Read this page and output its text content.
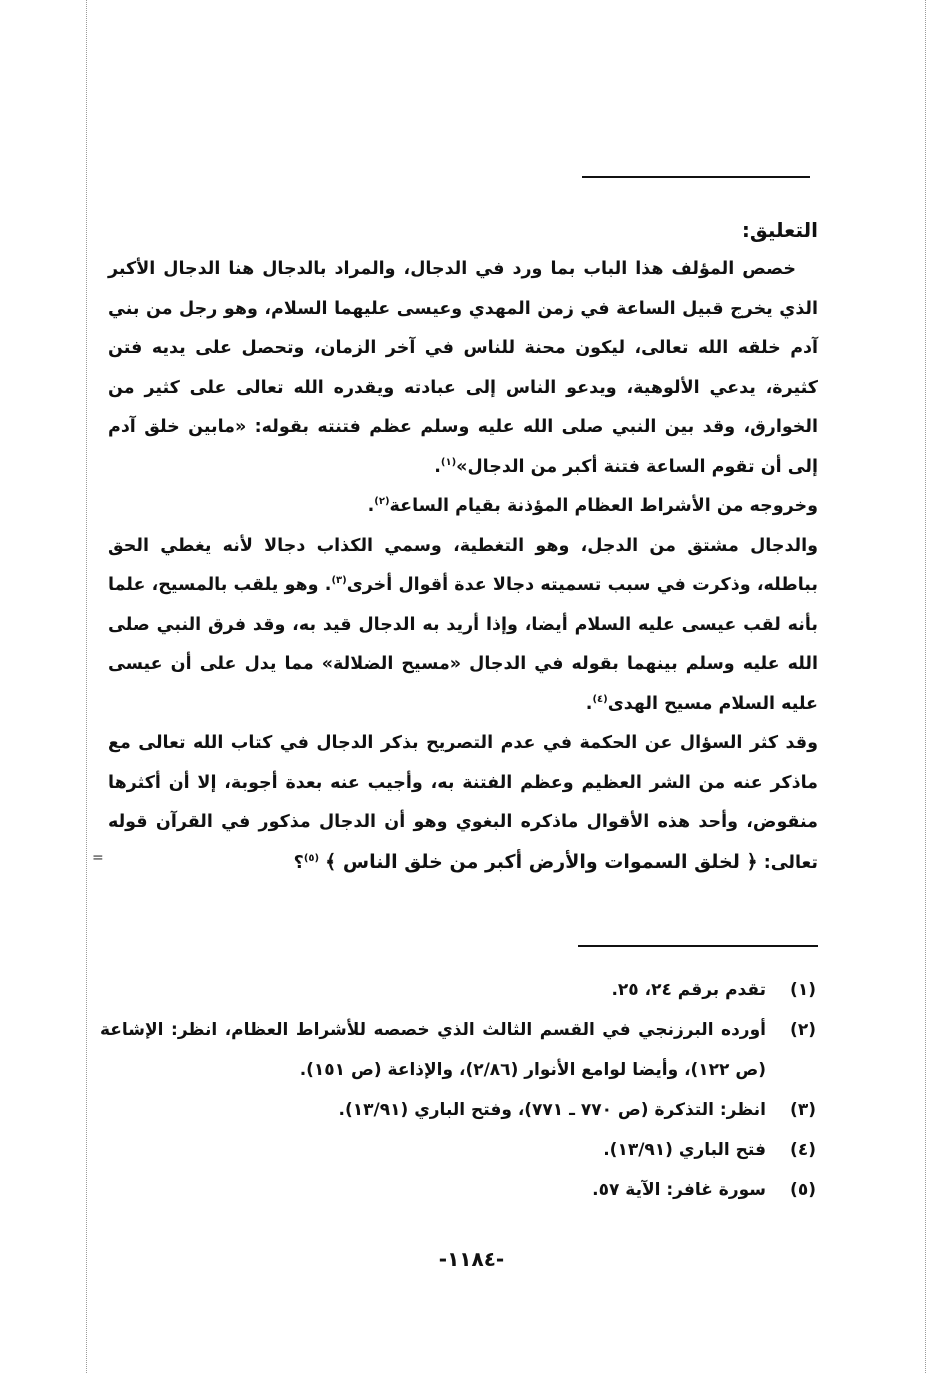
التعليق:

خصص المؤلف هذا الباب بما ورد في الدجال، والمراد بالدجال هنا الدجال الأكبر الذي يخرج قبيل الساعة في زمن المهدي وعيسى عليهما السلام، وهو رجل من بني آدم خلقه الله تعالى، ليكون محنة للناس في آخر الزمان، وتحصل على يديه فتن كثيرة، يدعي الألوهية، ويدعو الناس إلى عبادته ويقدره الله تعالى على كثير من الخوارق، وقد بين النبي صلى الله عليه وسلم عظم فتنته بقوله: «مابين خلق آدم إلى أن تقوم الساعة فتنة أكبر من الدجال»$^{(١)}$.

وخروجه من الأشراط العظام المؤذنة بقيام الساعة$^{(٢)}$.

والدجال مشتق من الدجل، وهو التغطية، وسمي الكذاب دجالا لأنه يغطي الحق بباطله، وذكرت في سبب تسميته دجالا عدة أقوال أخرى$^{(٣)}$. وهو يلقب بالمسيح، علما بأنه لقب عيسى عليه السلام أيضا، وإذا أريد به الدجال قيد به، وقد فرق النبي صلى الله عليه وسلم بينهما بقوله في الدجال «مسيح الضلالة» مما يدل على أن عيسى عليه السلام مسيح الهدى$^{(٤)}$.

وقد كثر السؤال عن الحكمة في عدم التصريح بذكر الدجال في كتاب الله تعالى مع ماذكر عنه من الشر العظيم وعظم الفتنة به، وأجيب عنه بعدة أجوبة، إلا أن أكثرها منقوض، وأحد هذه الأقوال ماذكره البغوي وهو أن الدجال مذكور في القرآن قوله تعالى: ﴿ لخلق السموات والأرض أكبر من خلق الناس ﴾ $^{(٥)}$؟

=
(١)
تقدم برقم ٢٤، ٢٥.
(٢)
أورده البرزنجي في القسم الثالث الذي خصصه للأشراط العظام، انظر: الإشاعة (ص ١٢٢)، وأيضا لوامع الأنوار (٢/٨٦)، والإذاعة (ص ١٥١).
(٣)
انظر: التذكرة (ص ٧٧٠ ـ ٧٧١)، وفتح الباري (١٣/٩١).
(٤)
فتح الباري (١٣/٩١).
(٥)
سورة غافر: الآية ٥٧.
-١١٨٤-
